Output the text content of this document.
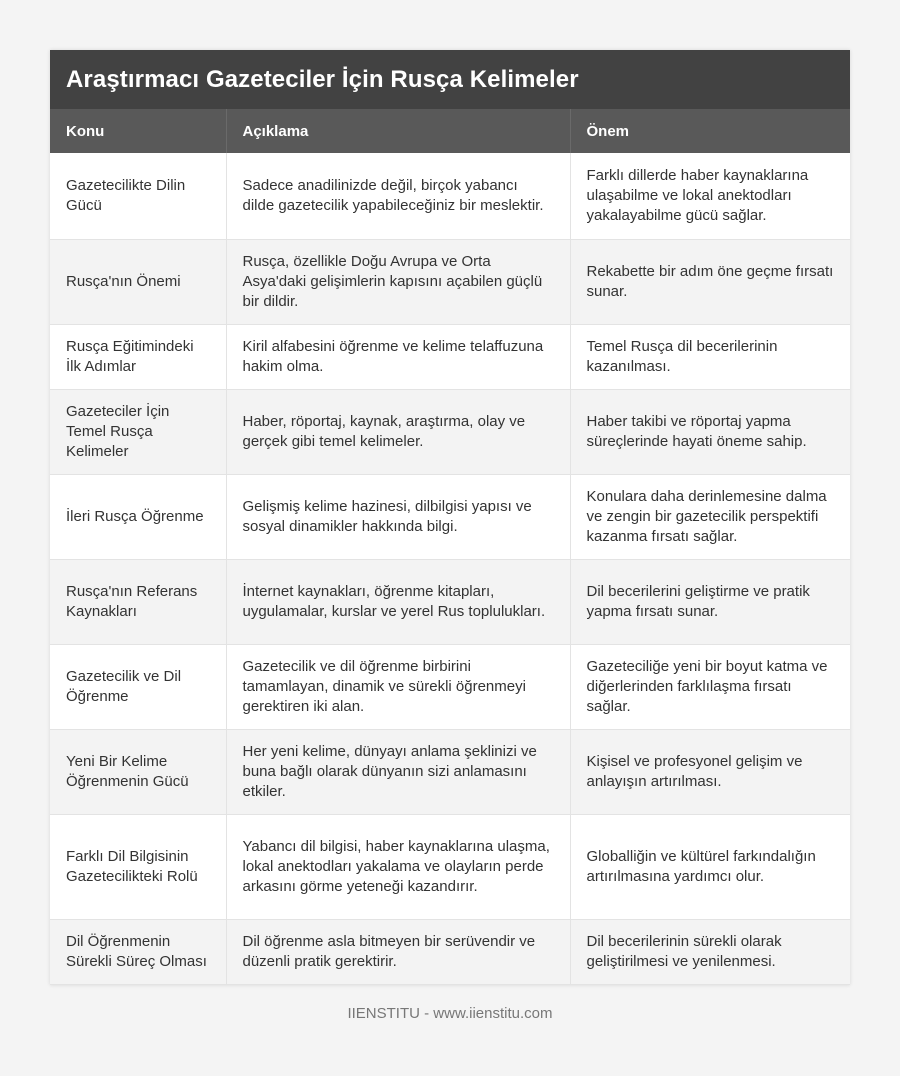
Araştırmacı Gazeteciler İçin Rusça Kelimeler
Konu	Açıklama	Önem
Gazetecilikte Dilin Gücü	Sadece anadilinizde değil, birçok yabancı dilde gazetecilik yapabileceğiniz bir meslektir.	Farklı dillerde haber kaynaklarına ulaşabilme ve lokal anektodları yakalayabilme gücü sağlar.
Rusça'nın Önemi	Rusça, özellikle Doğu Avrupa ve Orta Asya'daki gelişimlerin kapısını açabilen güçlü bir dildir.	Rekabette bir adım öne geçme fırsatı sunar.
Rusça Eğitimindeki İlk Adımlar	Kiril alfabesini öğrenme ve kelime telaffuzuna hakim olma.	Temel Rusça dil becerilerinin kazanılması.
Gazeteciler İçin Temel Rusça Kelimeler	Haber, röportaj, kaynak, araştırma, olay ve gerçek gibi temel kelimeler.	Haber takibi ve röportaj yapma süreçlerinde hayati öneme sahip.
İleri Rusça Öğrenme	Gelişmiş kelime hazinesi, dilbilgisi yapısı ve sosyal dinamikler hakkında bilgi.	Konulara daha derinlemesine dalma ve zengin bir gazetecilik perspektifi kazanma fırsatı sağlar.
Rusça'nın Referans Kaynakları	İnternet kaynakları, öğrenme kitapları, uygulamalar, kurslar ve yerel Rus toplulukları.	Dil becerilerini geliştirme ve pratik yapma fırsatı sunar.
Gazetecilik ve Dil Öğrenme	Gazetecilik ve dil öğrenme birbirini tamamlayan, dinamik ve sürekli öğrenmeyi gerektiren iki alan.	Gazeteciliğe yeni bir boyut katma ve diğerlerinden farklılaşma fırsatı sağlar.
Yeni Bir Kelime Öğrenmenin Gücü	Her yeni kelime, dünyayı anlama şeklinizi ve buna bağlı olarak dünyanın sizi anlamasını etkiler.	Kişisel ve profesyonel gelişim ve anlayışın artırılması.
Farklı Dil Bilgisinin Gazetecilikteki Rolü	Yabancı dil bilgisi, haber kaynaklarına ulaşma, lokal anektodları yakalama ve olayların perde arkasını görme yeteneği kazandırır.	Globalliğin ve kültürel farkındalığın artırılmasına yardımcı olur.
Dil Öğrenmenin Sürekli Süreç Olması	Dil öğrenme asla bitmeyen bir serüvendir ve düzenli pratik gerektirir.	Dil becerilerinin sürekli olarak geliştirilmesi ve yenilenmesi.
IIENSTITU - www.iienstitu.com
